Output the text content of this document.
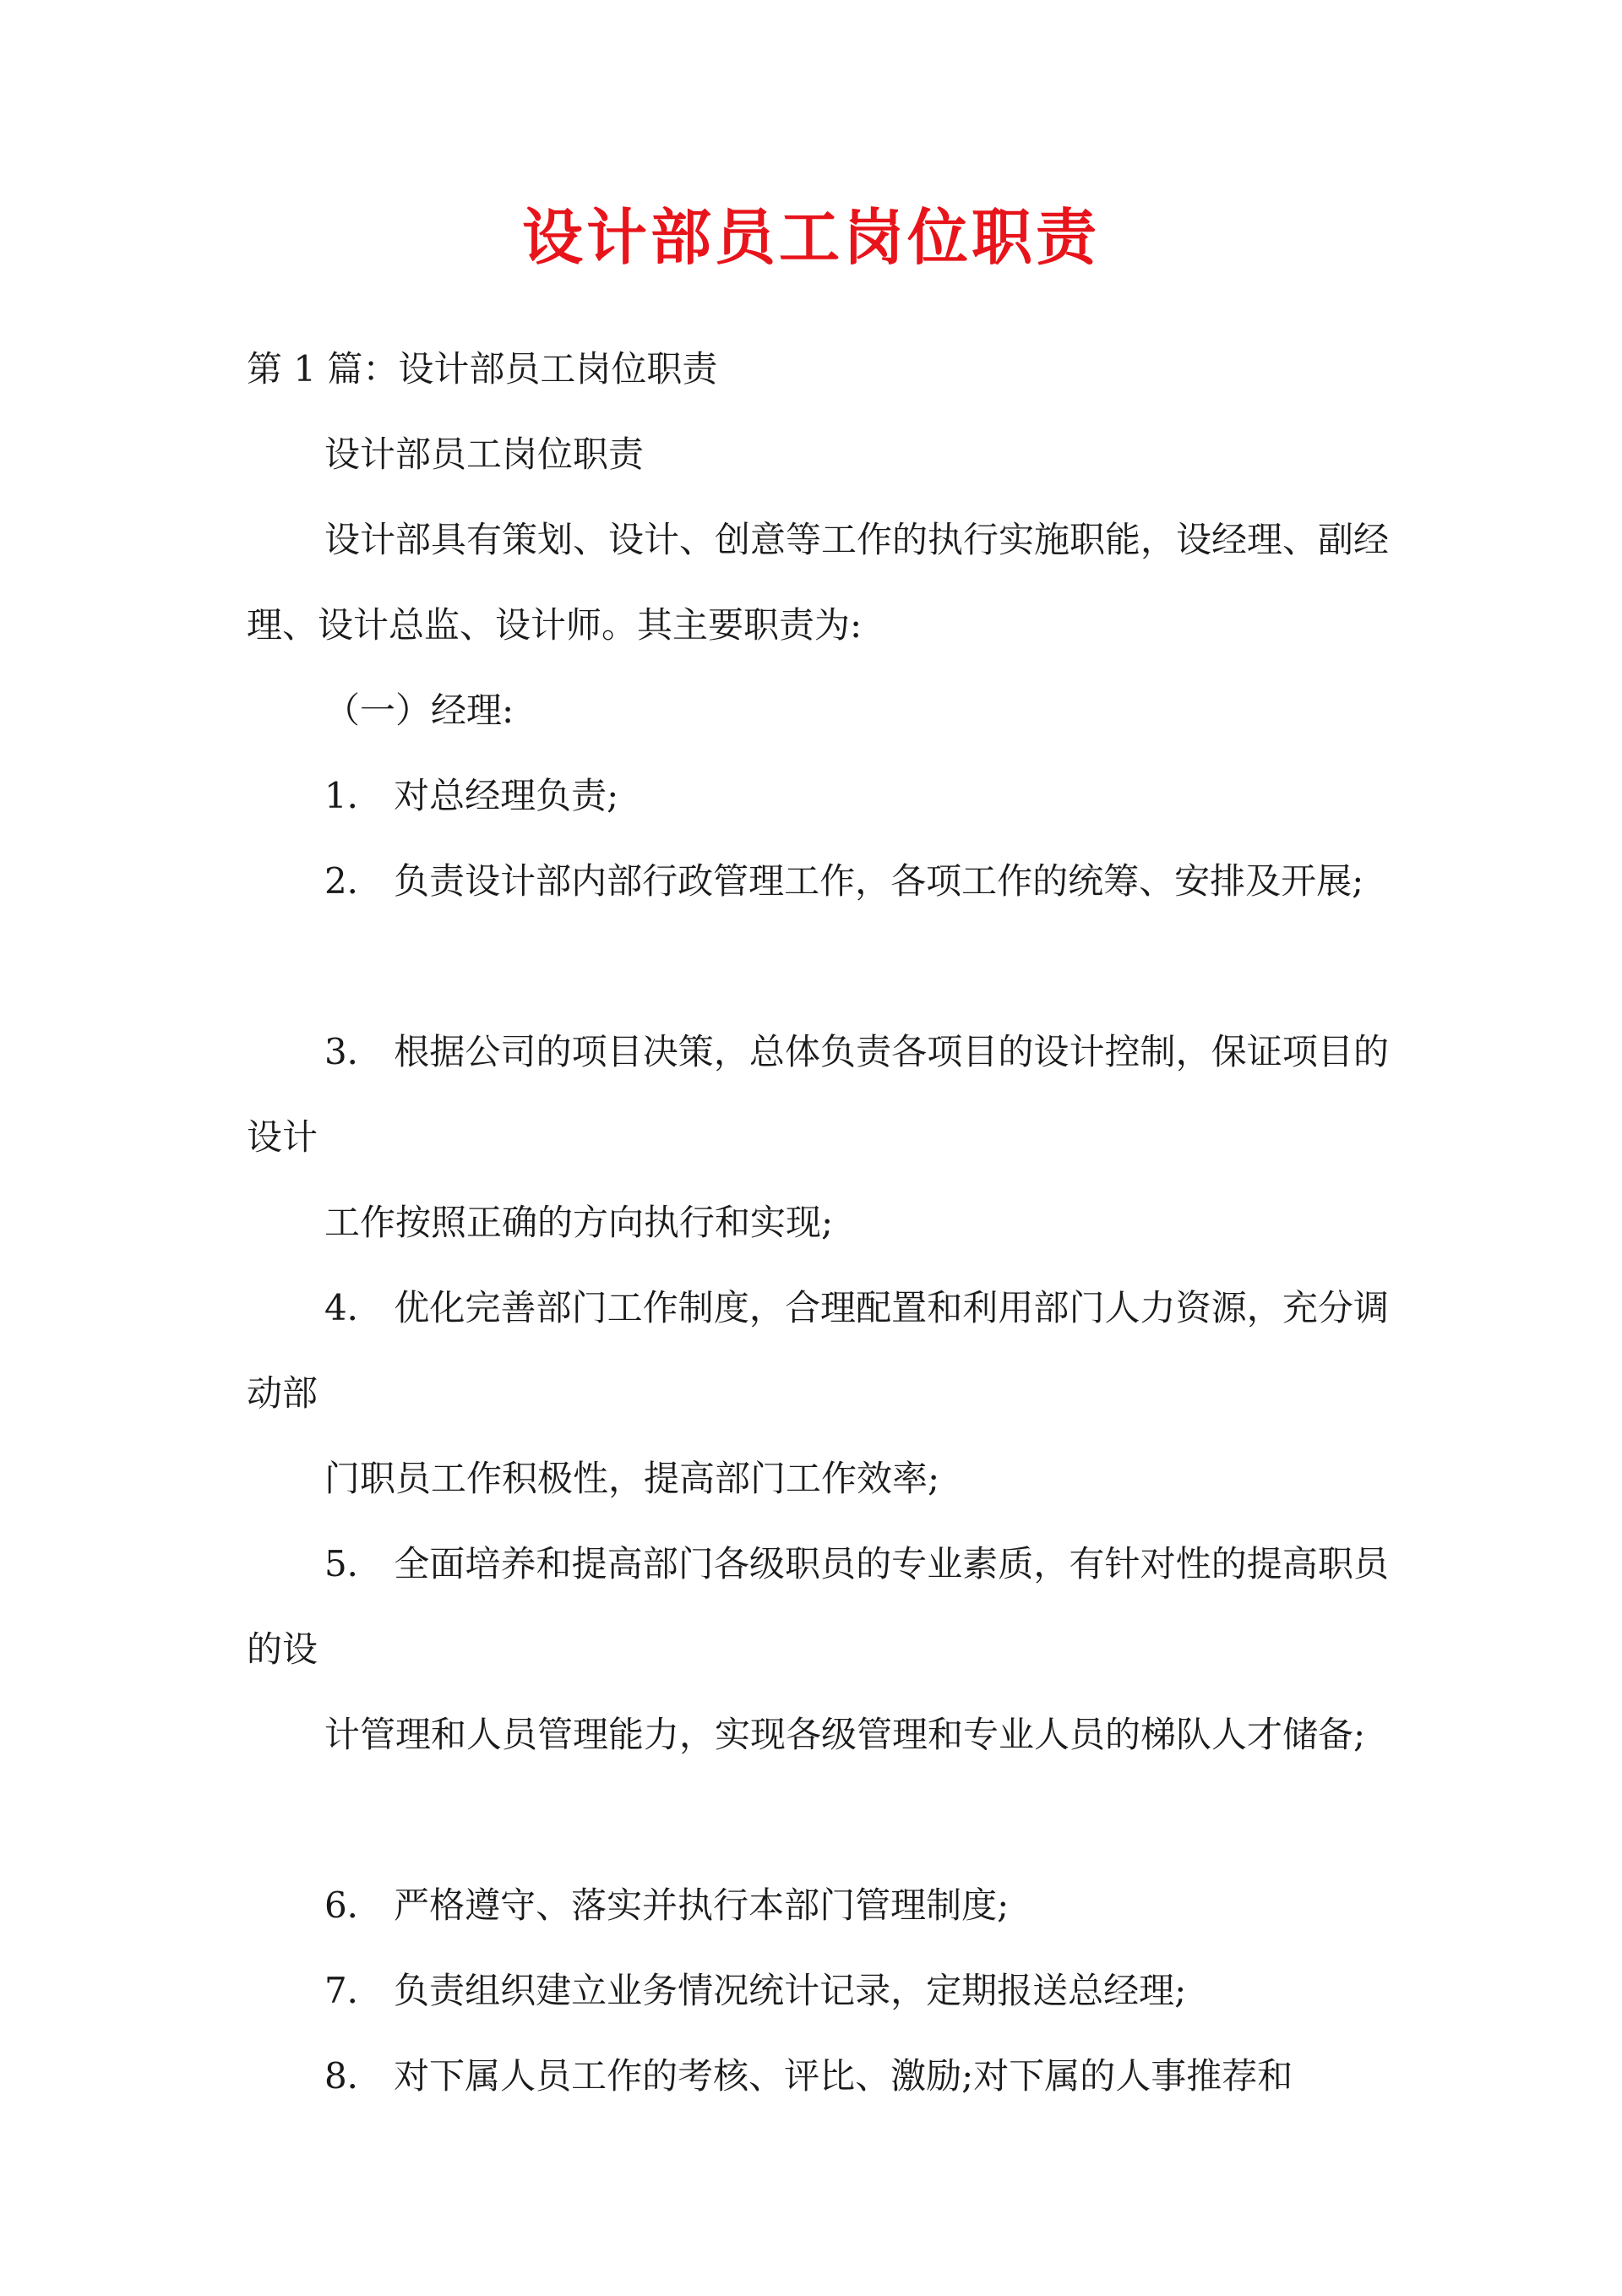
设计部员工岗位职责

第 1 篇：设计部员工岗位职责

设计部员工岗位职责

设计部具有策划、设计、创意等工作的执行实施职能，设经理、副经 理、设计总监、设计师。其主要职责为:

（一）经理:

1． 对总经理负责;

2． 负责设计部内部行政管理工作，各项工作的统筹、安排及开展;

3． 根据公司的项目决策，总体负责各项目的设计控制，保证项目的设计

工作按照正确的方向执行和实现;

4． 优化完善部门工作制度，合理配置和利用部门人力资源，充分调动部

门职员工作积极性，提高部门工作效率;

5． 全面培养和提高部门各级职员的专业素质，有针对性的提高职员的设

计管理和人员管理能力，实现各级管理和专业人员的梯队人才储备;

6． 严格遵守、落实并执行本部门管理制度;

7． 负责组织建立业务情况统计记录，定期报送总经理;

8． 对下属人员工作的考核、评比、激励;对下属的人事推荐和
